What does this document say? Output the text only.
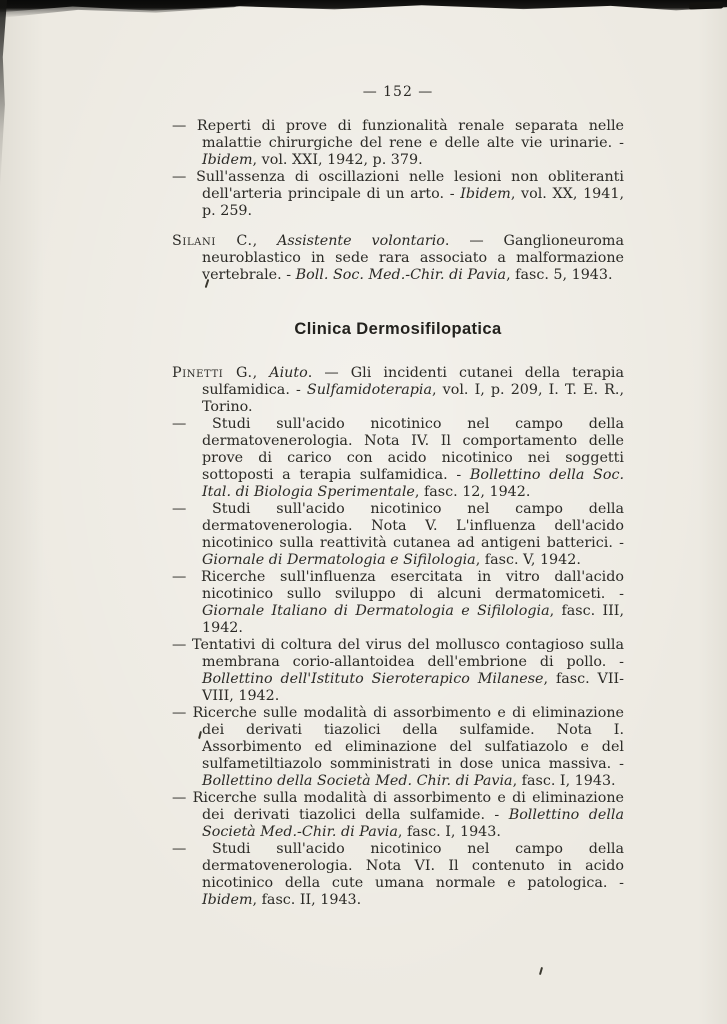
— 152 —
— Reperti di prove di funzionalità renale separata nelle malattie chirurgiche del rene e delle alte vie urinarie. - Ibidem, vol. XXI, 1942, p. 379.
— Sull'assenza di oscillazioni nelle lesioni non obliteranti dell'arteria principale di un arto. - Ibidem, vol. XX, 1941, p. 259.
Silani C., Assistente volontario. — Ganglioneuroma neuroblastico in sede rara associato a malformazione vertebrale. - Boll. Soc. Med.-Chir. di Pavia, fasc. 5, 1943.
Clinica Dermosifilopatica
Pinetti G., Aiuto. — Gli incidenti cutanei della terapia sulfamidica. - Sulfamidoterapia, vol. I, p. 209, I. T. E. R., Torino.
— Studi sull'acido nicotinico nel campo della dermatovenerologia. Nota IV. Il comportamento delle prove di carico con acido nicotinico nei soggetti sottoposti a terapia sulfamidica. - Bollettino della Soc. Ital. di Biologia Sperimentale, fasc. 12, 1942.
— Studi sull'acido nicotinico nel campo della dermatovenerologia. Nota V. L'influenza dell'acido nicotinico sulla reattività cutanea ad antigeni batterici. - Giornale di Dermatologia e Sifilologia, fasc. V, 1942.
— Ricerche sull'influenza esercitata in vitro dall'acido nicotinico sullo sviluppo di alcuni dermatomiceti. - Giornale Italiano di Dermatologia e Sifilologia, fasc. III, 1942.
— Tentativi di coltura del virus del mollusco contagioso sulla membrana corio-allantoidea dell'embrione di pollo. - Bollettino dell'Istituto Sieroterapico Milanese, fasc. VII-VIII, 1942.
— Ricerche sulle modalità di assorbimento e di eliminazione dei derivati tiazolici della sulfamide. Nota I. Assorbimento ed eliminazione del sulfatiazolo e del sulfametiltiazolo somministrati in dose unica massiva. - Bollettino della Società Med. Chir. di Pavia, fasc. I, 1943.
— Ricerche sulla modalità di assorbimento e di eliminazione dei derivati tiazolici della sulfamide. - Bollettino della Società Med.-Chir. di Pavia, fasc. I, 1943.
— Studi sull'acido nicotinico nel campo della dermatovenerologia. Nota VI. Il contenuto in acido nicotinico della cute umana normale e patologica. - Ibidem, fasc. II, 1943.
